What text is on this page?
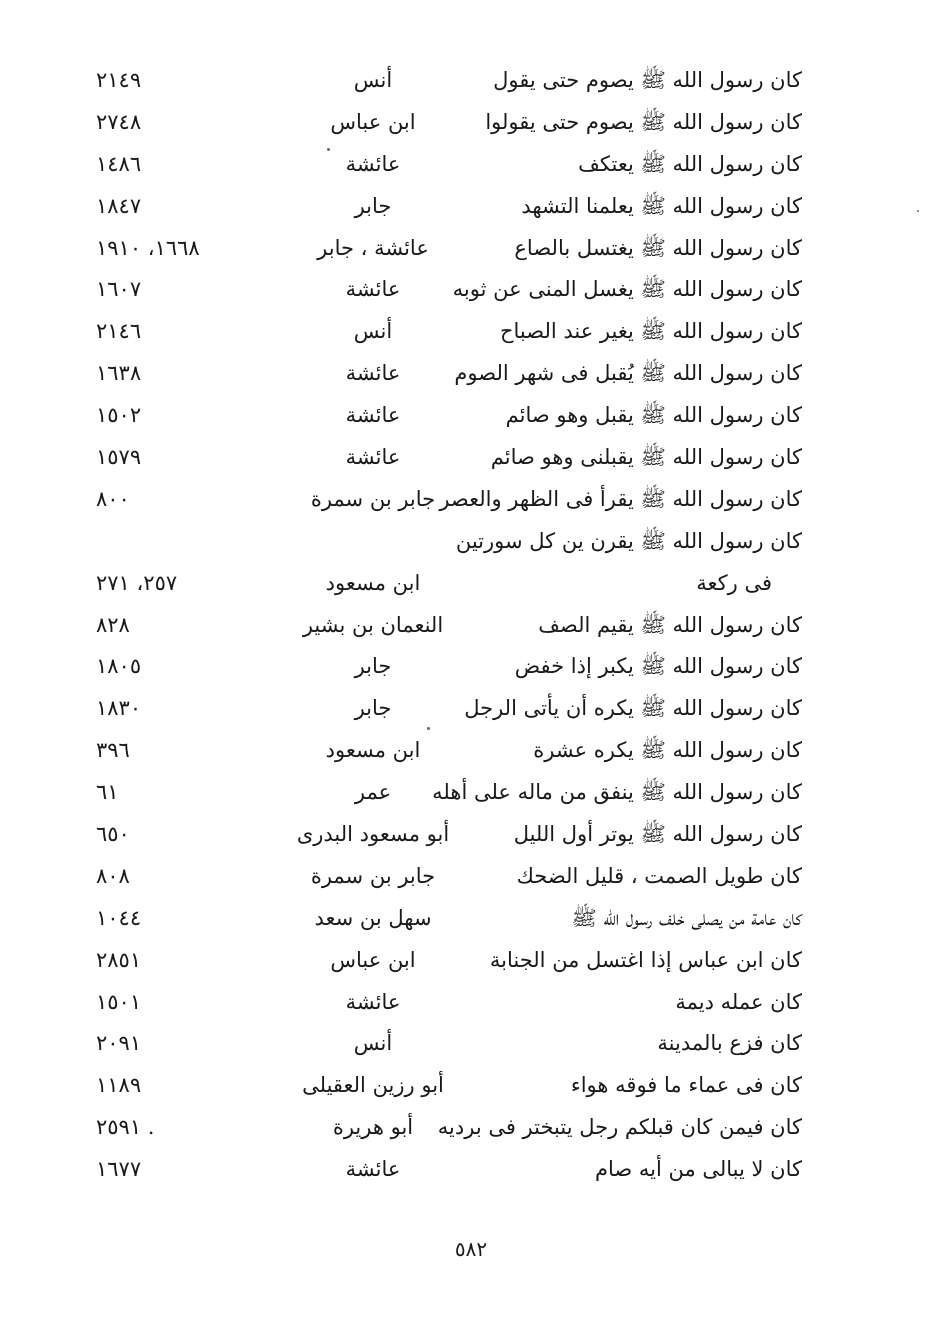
كان رسول الله ﷺ يصوم حتى يقول
أنس
٢١٤٩
كان رسول الله ﷺ يصوم حتى يقولوا
ابن عباس
٢٧٤٨
كان رسول الله ﷺ يعتكف
عائشة
١٤٨٦
كان رسول الله ﷺ يعلمنا التشهد
جابر
١٨٤٧
كان رسول الله ﷺ يغتسل بالصاع
عائشة ، جابر
١٦٦٨، ١٩١٠
كان رسول الله ﷺ يغسل المنى عن ثوبه
عائشة
١٦٠٧
كان رسول الله ﷺ يغير عند الصباح
أنس
٢١٤٦
كان رسول الله ﷺ يُقبل فى شهر الصوم
عائشة
١٦٣٨
كان رسول الله ﷺ يقبل وهو صائم
عائشة
١٥٠٢
كان رسول الله ﷺ يقبلنى وهو صائم
عائشة
١٥٧٩
كان رسول الله ﷺ يقرأ فى الظهر والعصر
جابر بن سمرة
٨٠٠
كان رسول الله ﷺ يقرن ين كل سورتين
فى ركعة
ابن مسعود
٢٥٧، ٢٧١
كان رسول الله ﷺ يقيم الصف
النعمان بن بشير
٨٢٨
كان رسول الله ﷺ يكبر إذا خفض
جابر
١٨٠٥
كان رسول الله ﷺ يكره أن يأتى الرجل
جابر
١٨٣٠
كان رسول الله ﷺ يكره عشرة
ابن مسعود
٣٩٦
كان رسول الله ﷺ ينفق من ماله على أهله
عمر
٦١
كان رسول الله ﷺ يوتر أول الليل
أبو مسعود البدرى
٦٥٠
كان طويل الصمت ، قليل الضحك
جابر بن سمرة
٨٠٨
كان عامة من يصلى خلف رسول الله ﷺ
سهل بن سعد
١٠٤٤
كان ابن عباس إذا اغتسل من الجنابة
ابن عباس
٢٨٥١
كان عمله ديمة
عائشة
١٥٠١
كان فزع بالمدينة
أنس
٢٠٩١
كان فى عماء ما فوقه هواء
أبو رزين العقيلى
١١٨٩
كان فيمن كان قبلكم رجل يتبختر فى برديه
أبو هريرة
٢٥٩١ .
كان لا يبالى من أيه صام
عائشة
١٦٧٧
٥٨٢
